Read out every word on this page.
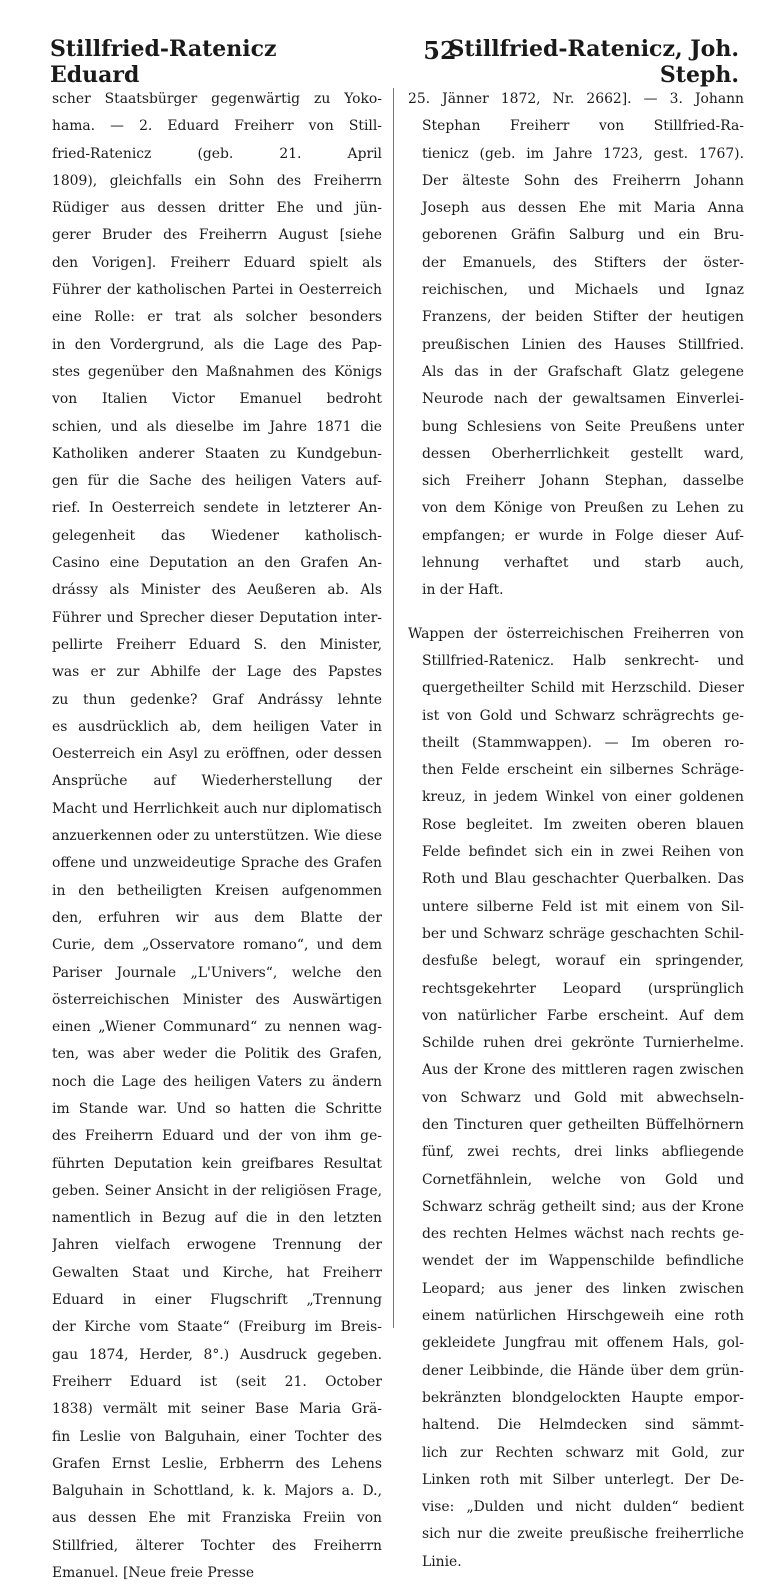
Stillfried-Ratenicz Eduard
52
Stillfried-Ratenicz, Joh. Steph.
scher Staatsbürger gegenwärtig zu Yoko-
hama. — 2. Eduard Freiherr von Still-
fried-Ratenicz (geb. 21. April
1809), gleichfalls ein Sohn des Freiherrn
Rüdiger aus dessen dritter Ehe und jün-
gerer Bruder des Freiherrn August [siehe
den Vorigen]. Freiherr Eduard spielt als
Führer der katholischen Partei in Oesterreich
eine Rolle: er trat als solcher besonders
in den Vordergrund, als die Lage des Pap-
stes gegenüber den Maßnahmen des Königs
von Italien Victor Emanuel bedroht
schien, und als dieselbe im Jahre 1871 die
Katholiken anderer Staaten zu Kundgebun-
gen für die Sache des heiligen Vaters auf-
rief. In Oesterreich sendete in letzterer An-
gelegenheit das Wiedener katholisch-
Casino eine Deputation an den Grafen An-
drássy als Minister des Aeußeren ab. Als
Führer und Sprecher dieser Deputation inter-
pellirte Freiherr Eduard S. den Minister,
was er zur Abhilfe der Lage des Papstes
zu thun gedenke? Graf Andrássy lehnte
es ausdrücklich ab, dem heiligen Vater in
Oesterreich ein Asyl zu eröffnen, oder dessen
Ansprüche auf Wiederherstellung der
Macht und Herrlichkeit auch nur diplomatisch
anzuerkennen oder zu unterstützen. Wie diese
offene und unzweideutige Sprache des Grafen
in den betheiligten Kreisen aufgenommen
den, erfuhren wir aus dem Blatte der
Curie, dem „Osservatore romano“, und dem
Pariser Journale „L'Univers“, welche den
österreichischen Minister des Auswärtigen
einen „Wiener Communard“ zu nennen wag-
ten, was aber weder die Politik des Grafen,
noch die Lage des heiligen Vaters zu ändern
im Stande war. Und so hatten die Schritte
des Freiherrn Eduard und der von ihm ge-
führten Deputation kein greifbares Resultat
geben. Seiner Ansicht in der religiösen Frage,
namentlich in Bezug auf die in den letzten
Jahren vielfach erwogene Trennung der
Gewalten Staat und Kirche, hat Freiherr
Eduard in einer Flugschrift „Trennung
der Kirche vom Staate“ (Freiburg im Breis-
gau 1874, Herder, 8°.) Ausdruck gegeben.
Freiherr Eduard ist (seit 21. October
1838) vermält mit seiner Base Maria Grä-
fin Leslie von Balguhain, einer Tochter des
Grafen Ernst Leslie, Erbherrn des Lehens
Balguhain in Schottland, k. k. Majors a. D.,
aus dessen Ehe mit Franziska Freiin von
Stillfried, älterer Tochter des Freiherrn
Emanuel. [Neue freie Presse
25. Jänner 1872, Nr. 2662]. — 3. Johann
Stephan Freiherr von Stillfried-Ra-
tienicz (geb. im Jahre 1723, gest. 1767).
Der älteste Sohn des Freiherrn Johann
Joseph aus dessen Ehe mit Maria Anna
geborenen Gräfin Salburg und ein Bru-
der Emanuels, des Stifters der öster-
reichischen, und Michaels und Ignaz
Franzens, der beiden Stifter der heutigen
preußischen Linien des Hauses Stillfried.
Als das in der Grafschaft Glatz gelegene
Neurode nach der gewaltsamen Einverlei-
bung Schlesiens von Seite Preußens unter
dessen Oberherrlichkeit gestellt ward,
sich Freiherr Johann Stephan, dasselbe
von dem Könige von Preußen zu Lehen zu
empfangen; er wurde in Folge dieser Auf-
lehnung verhaftet und starb auch,
in der Haft.
Wappen der österreichischen Freiherren von
Stillfried-Ratenicz. Halb senkrecht- und
quergetheilter Schild mit Herzschild. Dieser
ist von Gold und Schwarz schrägrechts ge-
theilt (Stammwappen). — Im oberen ro-
then Felde erscheint ein silbernes Schräge-
kreuz, in jedem Winkel von einer goldenen
Rose begleitet. Im zweiten oberen blauen
Felde befindet sich ein in zwei Reihen von
Roth und Blau geschachter Querbalken. Das
untere silberne Feld ist mit einem von Sil-
ber und Schwarz schräge geschachten Schil-
desfuße belegt, worauf ein springender,
rechtsgekehrter Leopard (ursprünglich
von natürlicher Farbe erscheint. Auf dem
Schilde ruhen drei gekrönte Turnierhelme.
Aus der Krone des mittleren ragen zwischen
von Schwarz und Gold mit abwechseln-
den Tincturen quer getheilten Büffelhörnern
fünf, zwei rechts, drei links abfliegende
Cornetfähnlein, welche von Gold und
Schwarz schräg getheilt sind; aus der Krone
des rechten Helmes wächst nach rechts ge-
wendet der im Wappenschilde befindliche
Leopard; aus jener des linken zwischen
einem natürlichen Hirschgeweih eine roth
gekleidete Jungfrau mit offenem Hals, gol-
dener Leibbinde, die Hände über dem grün-
bekränzten blondgelockten Haupte empor-
haltend. Die Helmdecken sind sämmt-
lich zur Rechten schwarz mit Gold, zur
Linken roth mit Silber unterlegt. Der De-
vise: „Dulden und nicht dulden“ bedient
sich nur die zweite preußische freiherrliche
Linie.
